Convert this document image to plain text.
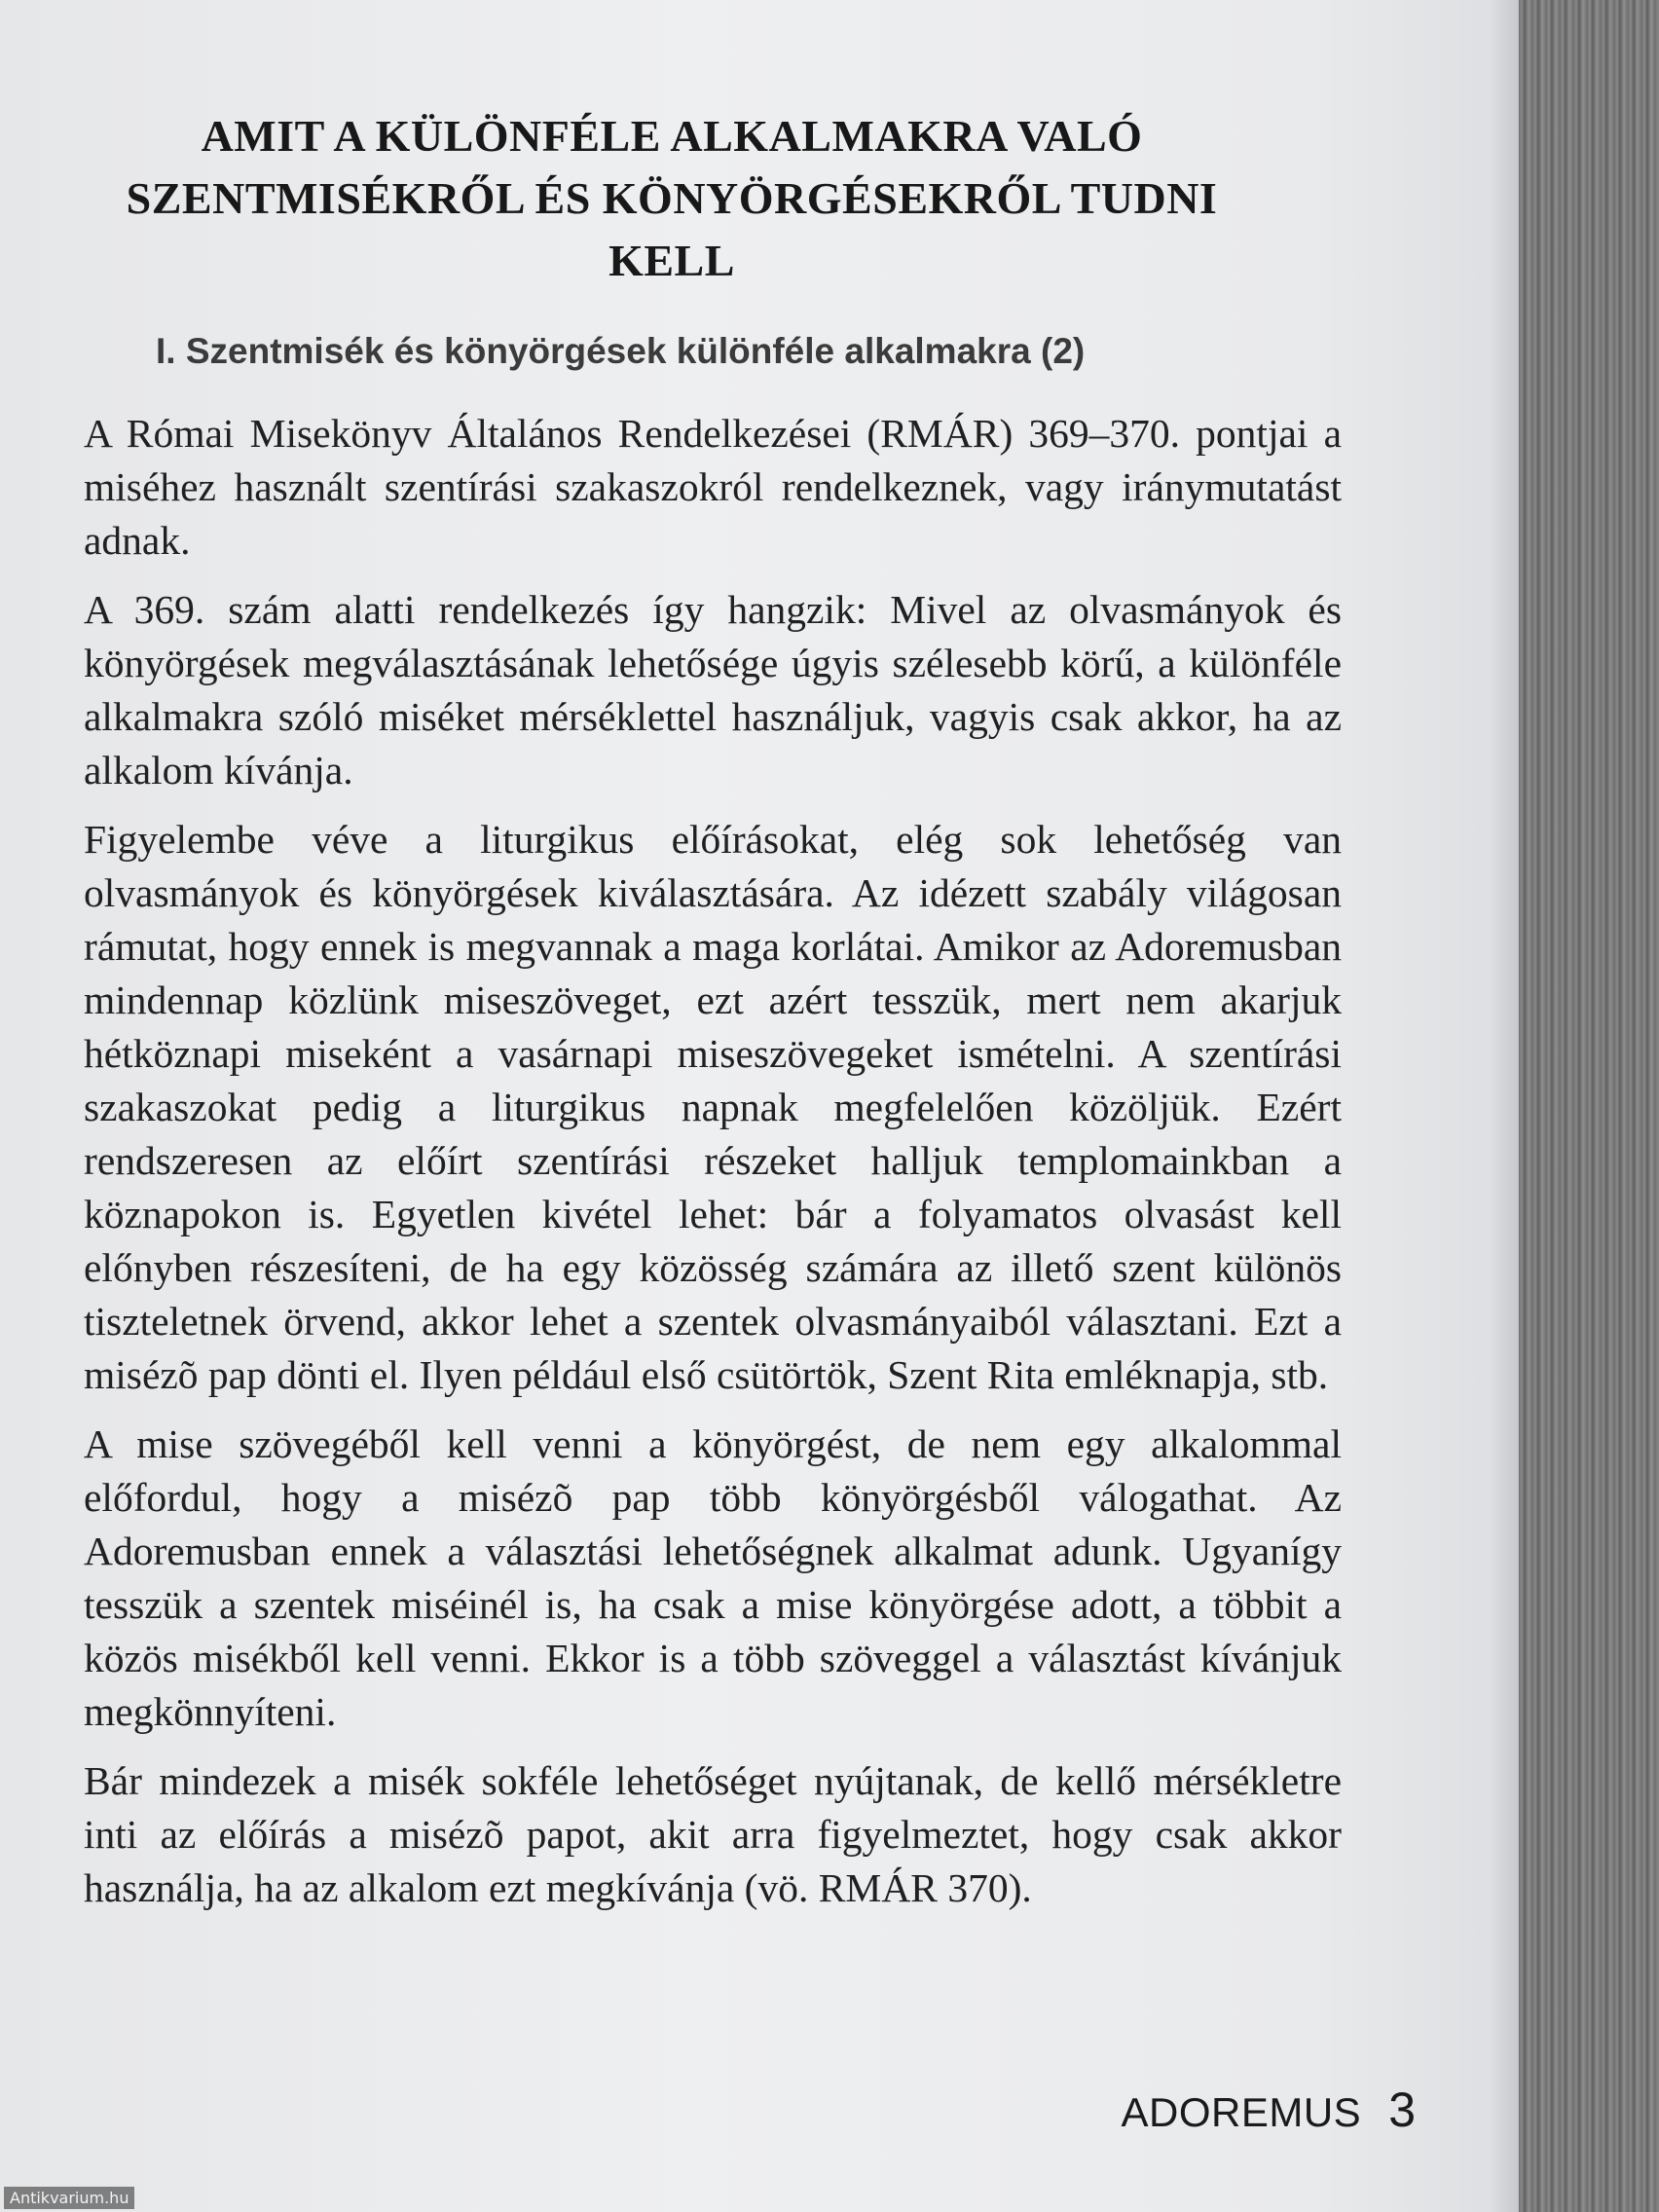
AMIT A KÜLÖNFÉLE ALKALMAKRA VALÓ SZENTMISÉKRŐL ÉS KÖNYÖRGÉSEKRŐL TUDNI KELL
I. Szentmisék és könyörgések különféle alkalmakra (2)

A Római Misekönyv Általános Rendelkezései (RMÁR) 369–370. pontjai a miséhez használt szentírási szakaszokról rendelkeznek, vagy iránymutatást adnak.

A 369. szám alatti rendelkezés így hangzik: Mivel az olvasmányok és könyörgések megválasztásának lehetősége úgyis szélesebb körű, a különféle alkalmakra szóló miséket mérséklettel használjuk, vagyis csak akkor, ha az alkalom kívánja.

Figyelembe véve a liturgikus előírásokat, elég sok lehetőség van olvasmányok és könyörgések kiválasztására. Az idézett szabály világosan rámutat, hogy ennek is megvannak a maga korlátai. Amikor az Adoremusban mindennap közlünk miseszöveget, ezt azért tesszük, mert nem akarjuk hétköznapi miseként a vasárnapi miseszövegeket ismételni. A szentírási szakaszokat pedig a liturgikus napnak megfelelően közöljük. Ezért rendszeresen az előírt szentírási részeket halljuk templomainkban a köznapokon is. Egyetlen kivétel lehet: bár a folyamatos olvasást kell előnyben részesíteni, de ha egy közösség számára az illető szent különös tiszteletnek örvend, akkor lehet a szentek olvasmányaiból választani. Ezt a misézõ pap dönti el. Ilyen például első csütörtök, Szent Rita emléknapja, stb.

A mise szövegéből kell venni a könyörgést, de nem egy alkalommal előfordul, hogy a misézõ pap több könyörgésből válogathat. Az Adoremusban ennek a választási lehetőségnek alkalmat adunk. Ugyanígy tesszük a szentek miséinél is, ha csak a mise könyörgése adott, a többit a közös misékből kell venni. Ekkor is a több szöveggel a választást kívánjuk megkönnyíteni.

Bár mindezek a misék sokféle lehetőséget nyújtanak, de kellő mérsékletre inti az előírás a misézõ papot, akit arra figyelmeztet, hogy csak akkor használja, ha az alkalom ezt megkívánja (vö. RMÁR 370).

ADOREMUS 3
Antikvarium.hu
